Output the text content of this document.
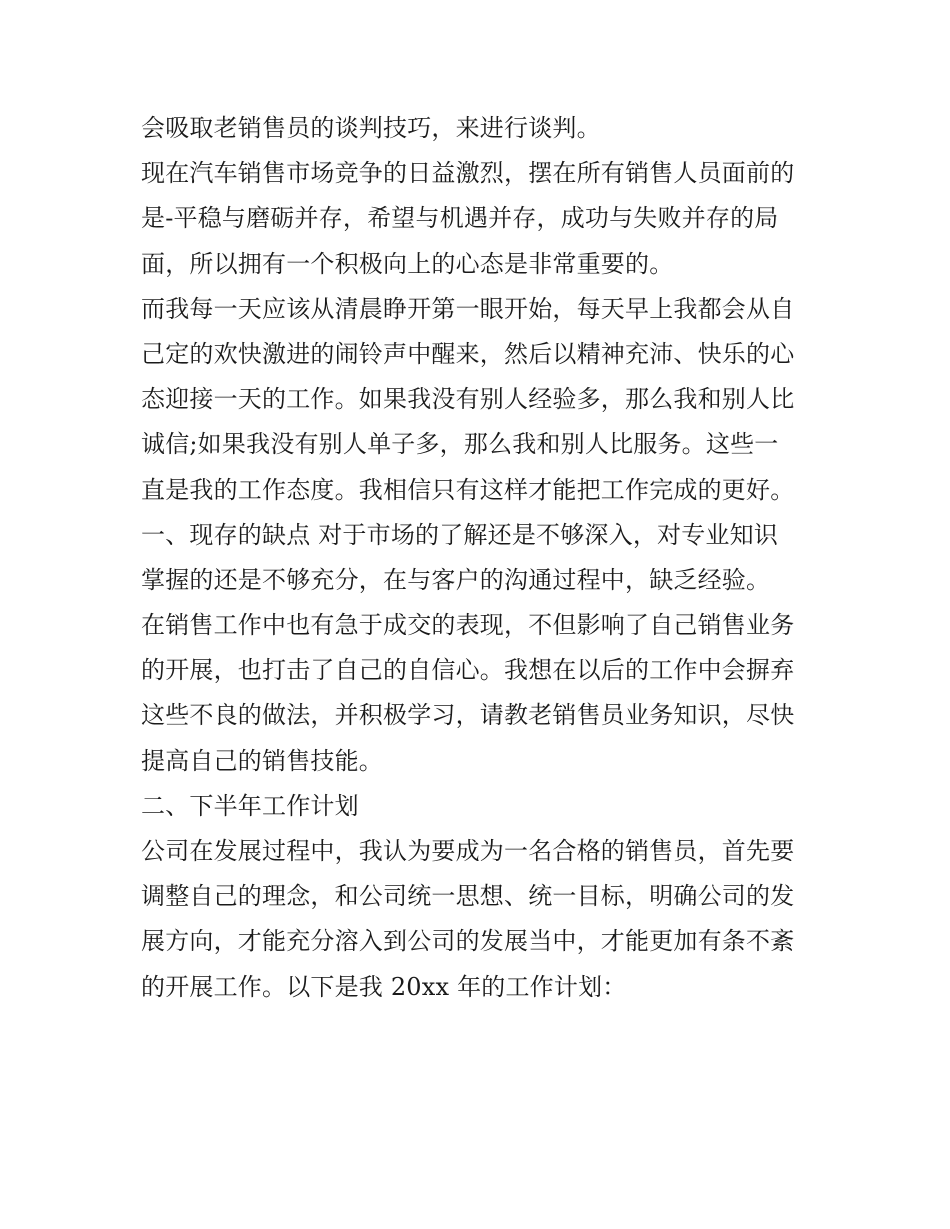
会吸取老销售员的谈判技巧，来进行谈判。
现在汽车销售市场竞争的日益激烈，摆在所有销售人员面前的
是-平稳与磨砺并存，希望与机遇并存，成功与失败并存的局
面，所以拥有一个积极向上的心态是非常重要的。
而我每一天应该从清晨睁开第一眼开始，每天早上我都会从自
己定的欢快激进的闹铃声中醒来，然后以精神充沛、快乐的心
态迎接一天的工作。如果我没有别人经验多，那么我和别人比
诚信;如果我没有别人单子多，那么我和别人比服务。这些一
直是我的工作态度。我相信只有这样才能把工作完成的更好。
一、现存的缺点 对于市场的了解还是不够深入，对专业知识
掌握的还是不够充分，在与客户的沟通过程中，缺乏经验。
在销售工作中也有急于成交的表现，不但影响了自己销售业务
的开展，也打击了自己的自信心。我想在以后的工作中会摒弃
这些不良的做法，并积极学习，请教老销售员业务知识，尽快
提高自己的销售技能。
二、下半年工作计划
公司在发展过程中，我认为要成为一名合格的销售员，首先要
调整自己的理念，和公司统一思想、统一目标，明确公司的发
展方向，才能充分溶入到公司的发展当中，才能更加有条不紊
的开展工作。以下是我 20xx 年的工作计划：
